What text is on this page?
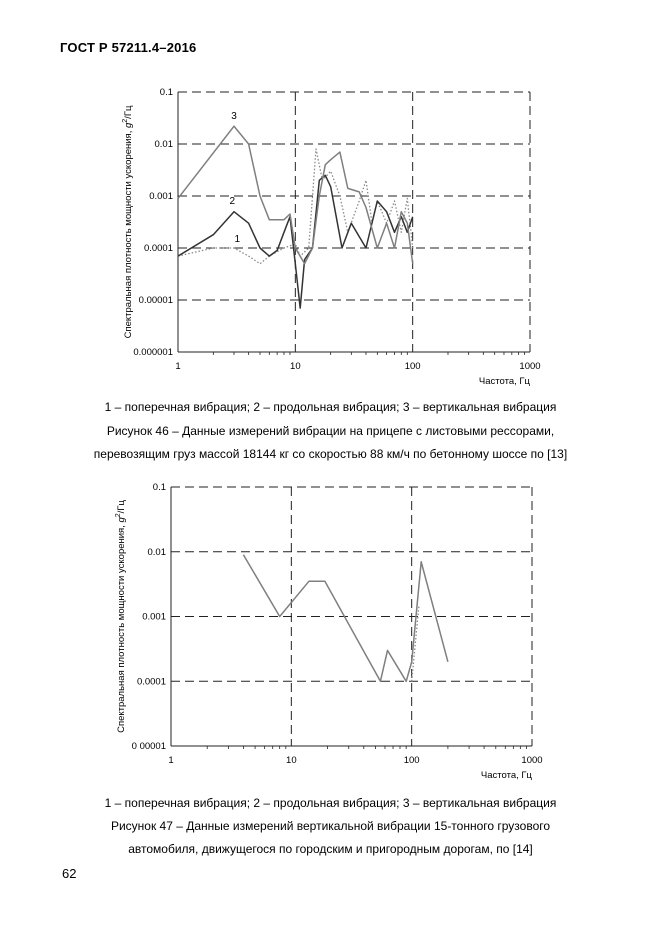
ГОСТ Р 57211.4–2016
0.000001
0.00001
0.0001
0.001
0.01
0.1
1	10	100	1000
Частота, Гц
Спектральная плотность мощности ускорения, $g^2/Гц$
1
2
3
1 – поперечная вибрация; 2 – продольная вибрация; 3 – вертикальная вибрация
Рисунок 46 – Данные измерений вибрации на прицепе с листовыми рессорами,
перевозящим груз массой 18144 кг со скоростью 88 км/ч по бетонному шоссе по [13]
0 00001
0.0001
0.001
0.01
0.1
1	10	100	1000
Частота, Гц
Спектральная плотность мощности ускорения, $g^2/Гц$
1 – поперечная вибрация; 2 – продольная вибрация; 3 – вертикальная вибрация
Рисунок 47 – Данные измерений вертикальной вибрации 15-тонного грузового
автомобиля, движущегося по городским и пригородным дорогам, по [14]
62
